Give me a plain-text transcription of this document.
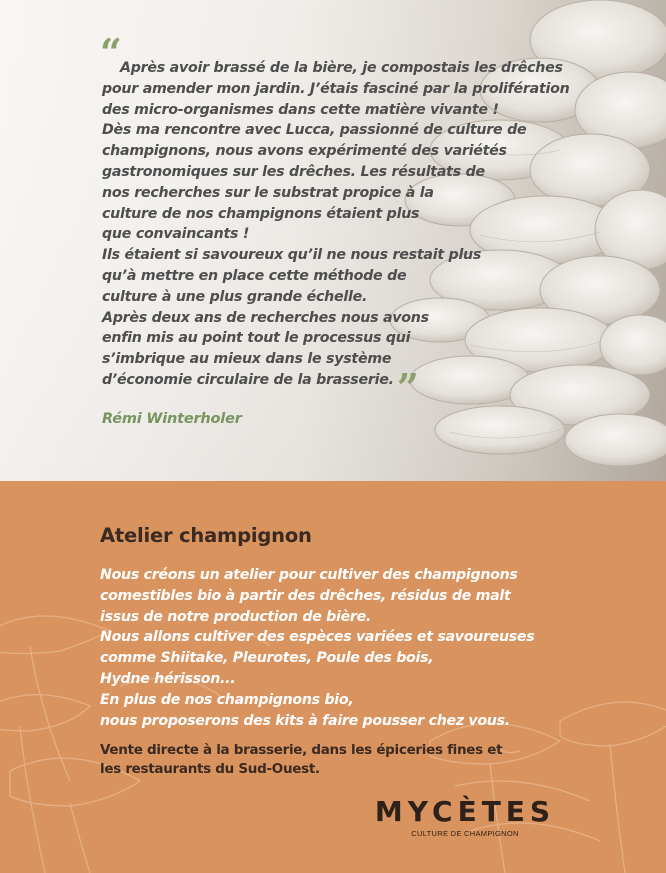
“
Après avoir brassé de la bière, je compostais les drêches
pour amender mon jardin. J’étais fasciné par la prolifération
des micro-organismes dans cette matière vivante !
Dès ma rencontre avec Lucca, passionné de culture de
champignons, nous avons expérimenté des variétés
gastronomiques sur les drêches. Les résultats de
nos recherches sur le substrat propice à la
culture de nos champignons étaient plus
que convaincants !
Ils étaient si savoureux qu’il ne nous restait plus
qu’à mettre en place cette méthode de
culture à une plus grande échelle.
Après deux ans de recherches nous avons
enfin mis au point tout le processus qui
s’imbrique au mieux dans le système
d’économie circulaire de la brasserie. ”
Rémi Winterholer
Atelier champignon
Nous créons un atelier pour cultiver des champignons
comestibles bio à partir des drêches, résidus de malt
issus de notre production de bière.
Nous allons cultiver des espèces variées et savoureuses
comme Shiitake, Pleurotes, Poule des bois,
Hydne hérisson...
En plus de nos champignons bio,
nous proposerons des kits à faire pousser chez vous.
Vente directe à la brasserie, dans les épiceries fines et
les restaurants du Sud-Ouest.
MYCÈTES
CULTURE DE CHAMPIGNON
